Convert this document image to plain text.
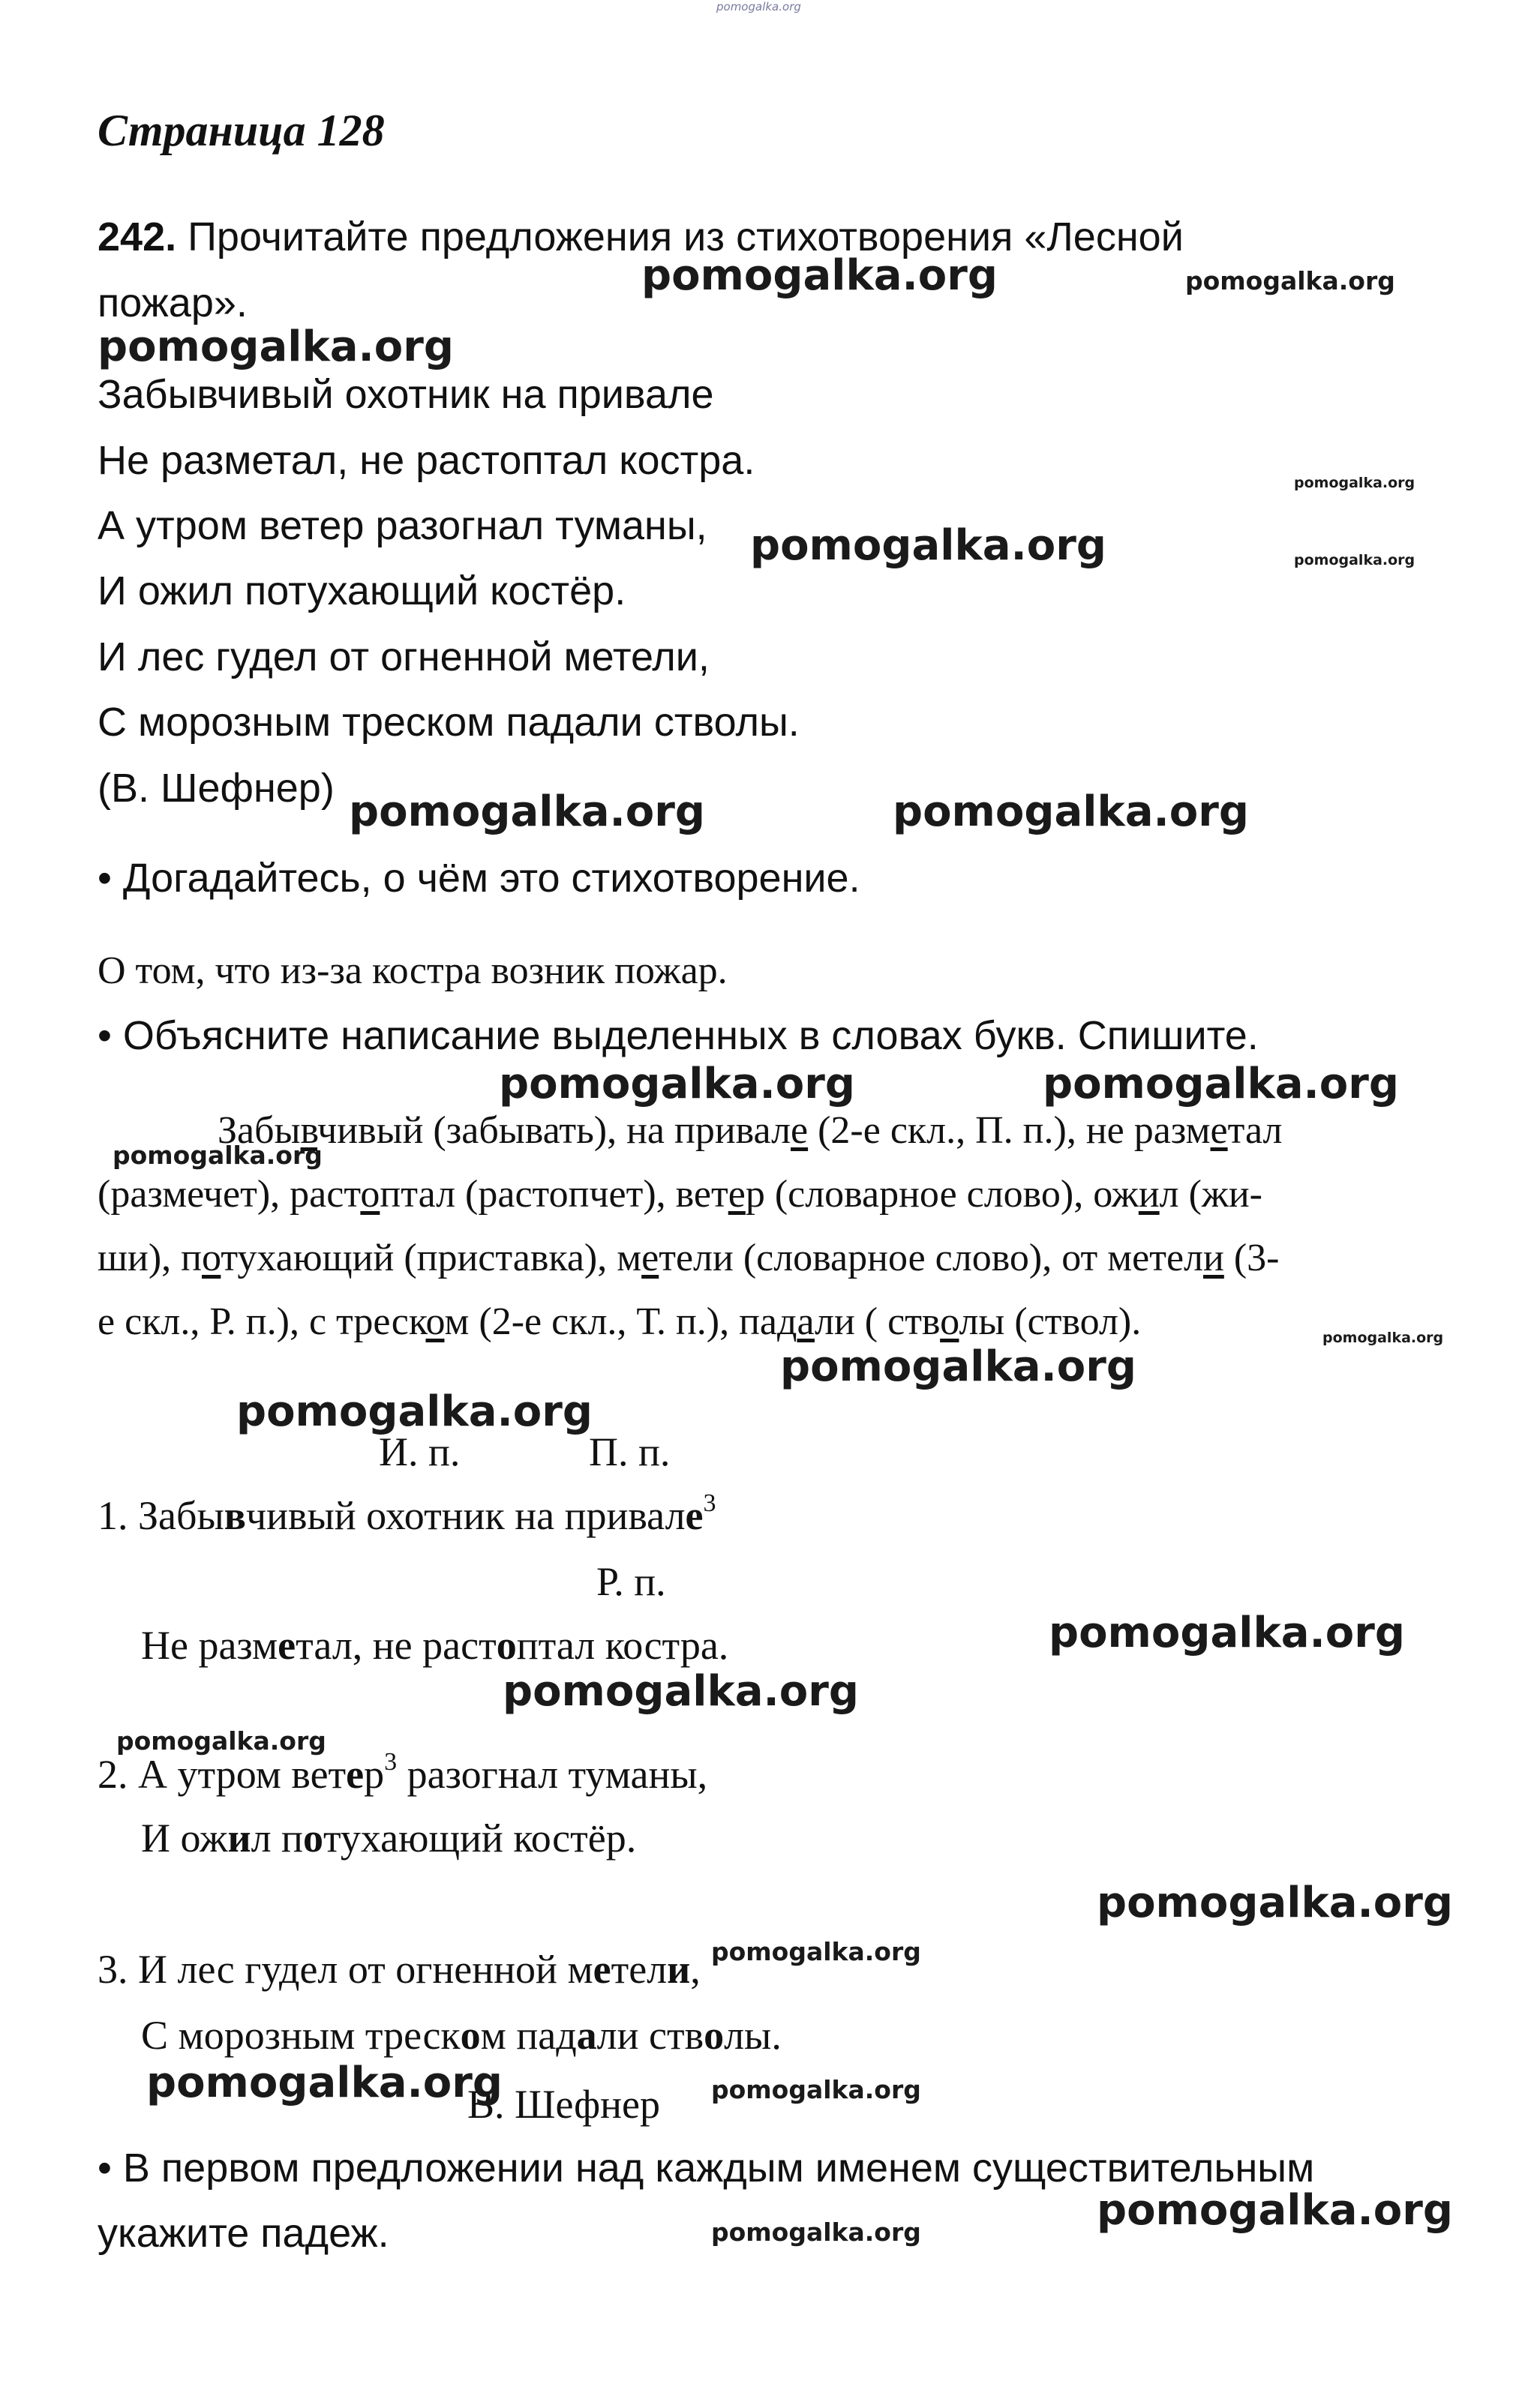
pomogalka.org
Страница 128
242. Прочитайте предложения из стихотворения «Лесной
пожар».
Забывчивый охотник на привале
Не разметал, не растоптал костра.
А утром ветер разогнал туманы,
И ожил потухающий костёр.
И лес гудел от огненной метели,
С морозным треском падали стволы.
(В. Шефнер)
• Догадайтесь, о чём это стихотворение.
О том, что из-за костра возник пожар.
• Объясните написание выделенных в словах букв. Спишите.
Забывчивый (забывать), на привале (2-е скл., П. п.), не разметал
(размечет), растоптал (растопчет), ветер (словарное слово), ожил (жи-
ши), потухающий (приставка), метели (словарное слово), от метели (3-
е скл., Р. п.), с треском (2-е скл., Т. п.), падали ( стволы (ствол).
И. п.	П. п.
1. Забывчивый охотник на привале$^3$
Р. п.
Не разметал, не растоптал костра.
2. А утром ветер$^3$ разогнал туманы,
И ожил потухающий костёр.
3. И лес гудел от огненной метели,
С морозным треском падали стволы.
В. Шефнер
• В первом предложении над каждым именем существительным
укажите падеж.
pomogalka.org	pomogalka.org
pomogalka.org
pomogalka.org
pomogalka.org	pomogalka.org
pomogalka.org	pomogalka.org
pomogalka.org	pomogalka.org
pomogalka.org
pomogalka.org
pomogalka.org
pomogalka.org
pomogalka.org
pomogalka.org
pomogalka.org
pomogalka.org
pomogalka.org
pomogalka.org	pomogalka.org
pomogalka.org
pomogalka.org
